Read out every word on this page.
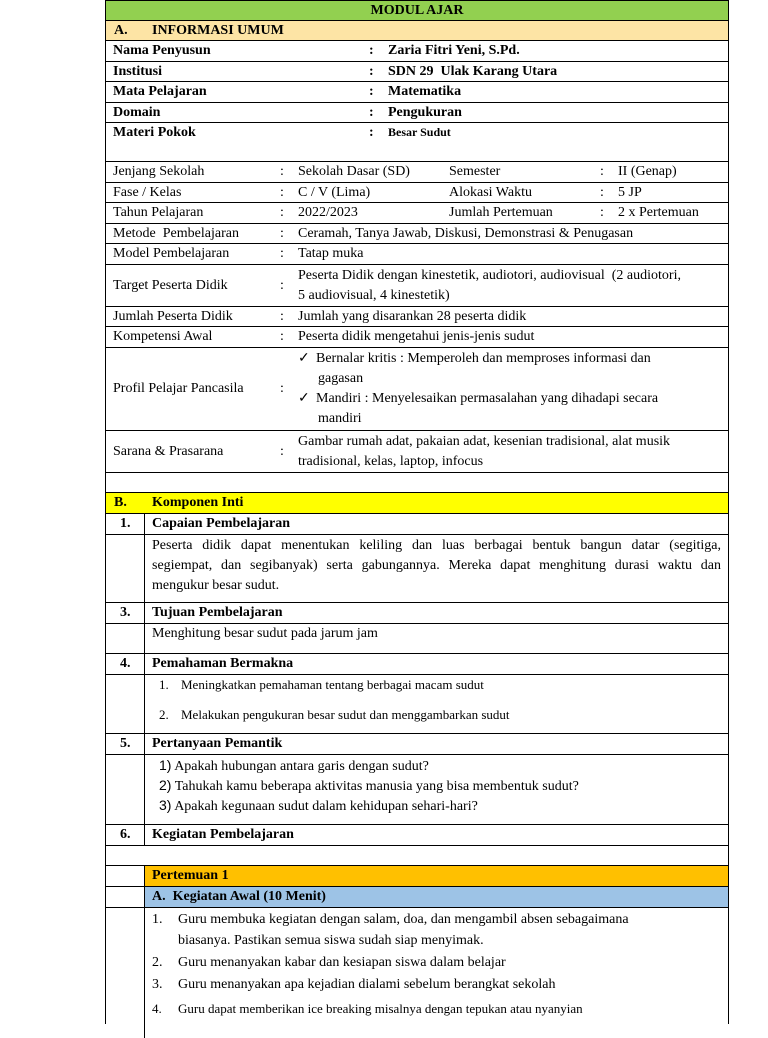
MODUL AJAR
A. INFORMASI UMUM
Nama Penyusun	: Zaria Fitri Yeni, S.Pd.
Institusi	: SDN 29  Ulak Karang Utara
Mata Pelajaran	: Matematika
Domain	: Pengukuran
Materi Pokok	: Besar Sudut
Jenjang Sekolah	: Sekolah Dasar (SD)	Semester	: II (Genap)
Fase / Kelas	: C / V (Lima)	Alokasi Waktu	: 5 JP
Tahun Pelajaran	: 2022/2023	Jumlah Pertemuan	: 2 x Pertemuan
Metode  Pembelajaran	: Ceramah, Tanya Jawab, Diskusi, Demonstrasi & Penugasan
Model Pembelajaran	: Tatap muka
Target Peserta Didik	:
Peserta Didik dengan kinestetik, audiotori, audiovisual  (2 audiotori,
5 audiovisual, 4 kinestetik)
Jumlah Peserta Didik	: Jumlah yang disarankan 28 peserta didik
Kompetensi Awal	: Peserta didik mengetahui jenis-jenis sudut
Profil Pelajar Pancasila	:
✓ Bernalar kritis : Memperoleh dan memproses informasi dan
gagasan
✓ Mandiri : Menyelesaikan permasalahan yang dihadapi secara
mandiri
Sarana & Prasarana	:
Gambar rumah adat, pakaian adat, kesenian tradisional, alat musik
tradisional, kelas, laptop, infocus
B. Komponen Inti
1. Capaian Pembelajaran
Peserta didik dapat menentukan keliling dan luas berbagai bentuk bangun datar (segitiga,
segiempat, dan segibanyak) serta gabungannya. Mereka dapat menghitung durasi waktu dan
mengukur besar sudut.
3. Tujuan Pembelajaran
Menghitung besar sudut pada jarum jam
4. Pemahaman Bermakna
1. Meningkatkan pemahaman tentang berbagai macam sudut
2. Melakukan pengukuran besar sudut dan menggambarkan sudut
5. Pertanyaan Pemantik
1) Apakah hubungan antara garis dengan sudut?
2) Tahukah kamu beberapa aktivitas manusia yang bisa membentuk sudut?
3) Apakah kegunaan sudut dalam kehidupan sehari-hari?
6. Kegiatan Pembelajaran
Pertemuan 1
A.  Kegiatan Awal (10 Menit)
1. Guru membuka kegiatan dengan salam, doa, dan mengambil absen sebagaimana
biasanya. Pastikan semua siswa sudah siap menyimak.
2. Guru menanyakan kabar dan kesiapan siswa dalam belajar
3. Guru menanyakan apa kejadian dialami sebelum berangkat sekolah
4. Guru dapat memberikan ice breaking misalnya dengan tepukan atau nyanyian
